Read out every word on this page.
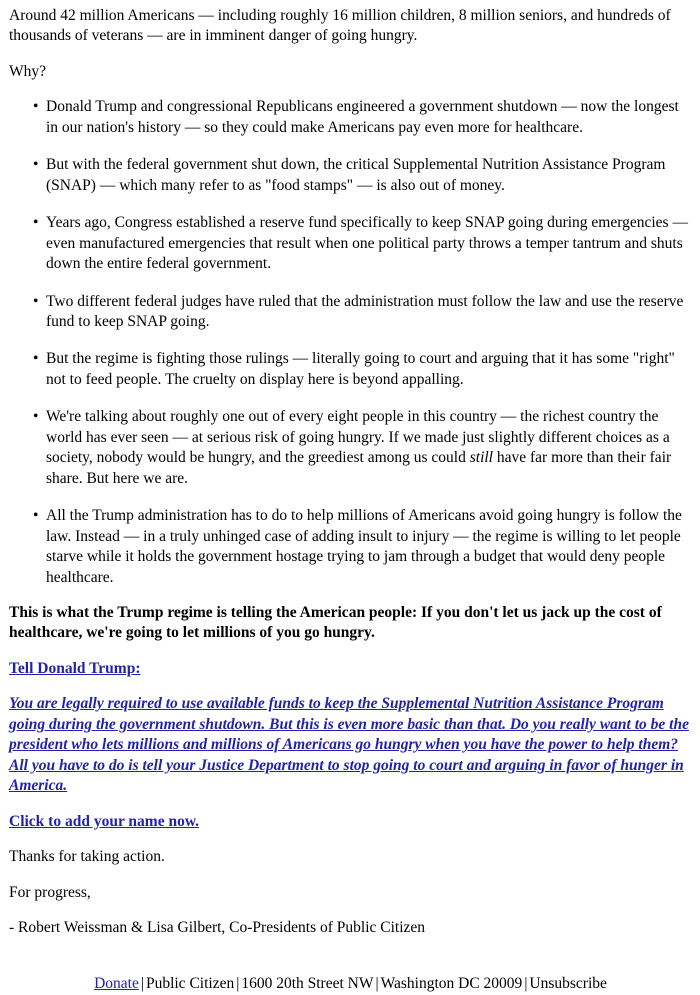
Around 42 million Americans — including roughly 16 million children, 8 million seniors, and hundreds of thousands of veterans — are in imminent danger of going hungry.

Why?

• Donald Trump and congressional Republicans engineered a government shutdown — now the longest in our nation's history — so they could make Americans pay even more for healthcare.
• But with the federal government shut down, the critical Supplemental Nutrition Assistance Program (SNAP) — which many refer to as "food stamps" — is also out of money.
• Years ago, Congress established a reserve fund specifically to keep SNAP going during emergencies — even manufactured emergencies that result when one political party throws a temper tantrum and shuts down the entire federal government.
• Two different federal judges have ruled that the administration must follow the law and use the reserve fund to keep SNAP going.
• But the regime is fighting those rulings — literally going to court and arguing that it has some "right" not to feed people. The cruelty on display here is beyond appalling.
• We're talking about roughly one out of every eight people in this country — the richest country the world has ever seen — at serious risk of going hungry. If we made just slightly different choices as a society, nobody would be hungry, and the greediest among us could still have far more than their fair share. But here we are.
• All the Trump administration has to do to help millions of Americans avoid going hungry is follow the law. Instead — in a truly unhinged case of adding insult to injury — the regime is willing to let people starve while it holds the government hostage trying to jam through a budget that would deny people healthcare.

This is what the Trump regime is telling the American people: If you don't let us jack up the cost of healthcare, we're going to let millions of you go hungry.

Tell Donald Trump:

You are legally required to use available funds to keep the Supplemental Nutrition Assistance Program going during the government shutdown. But this is even more basic than that. Do you really want to be the president who lets millions and millions of Americans go hungry when you have the power to help them? All you have to do is tell your Justice Department to stop going to court and arguing in favor of hunger in America.

Click to add your name now.

Thanks for taking action.

For progress,

- Robert Weissman & Lisa Gilbert, Co-Presidents of Public Citizen

Donate | Public Citizen | 1600 20th Street NW | Washington DC 20009 | Unsubscribe
